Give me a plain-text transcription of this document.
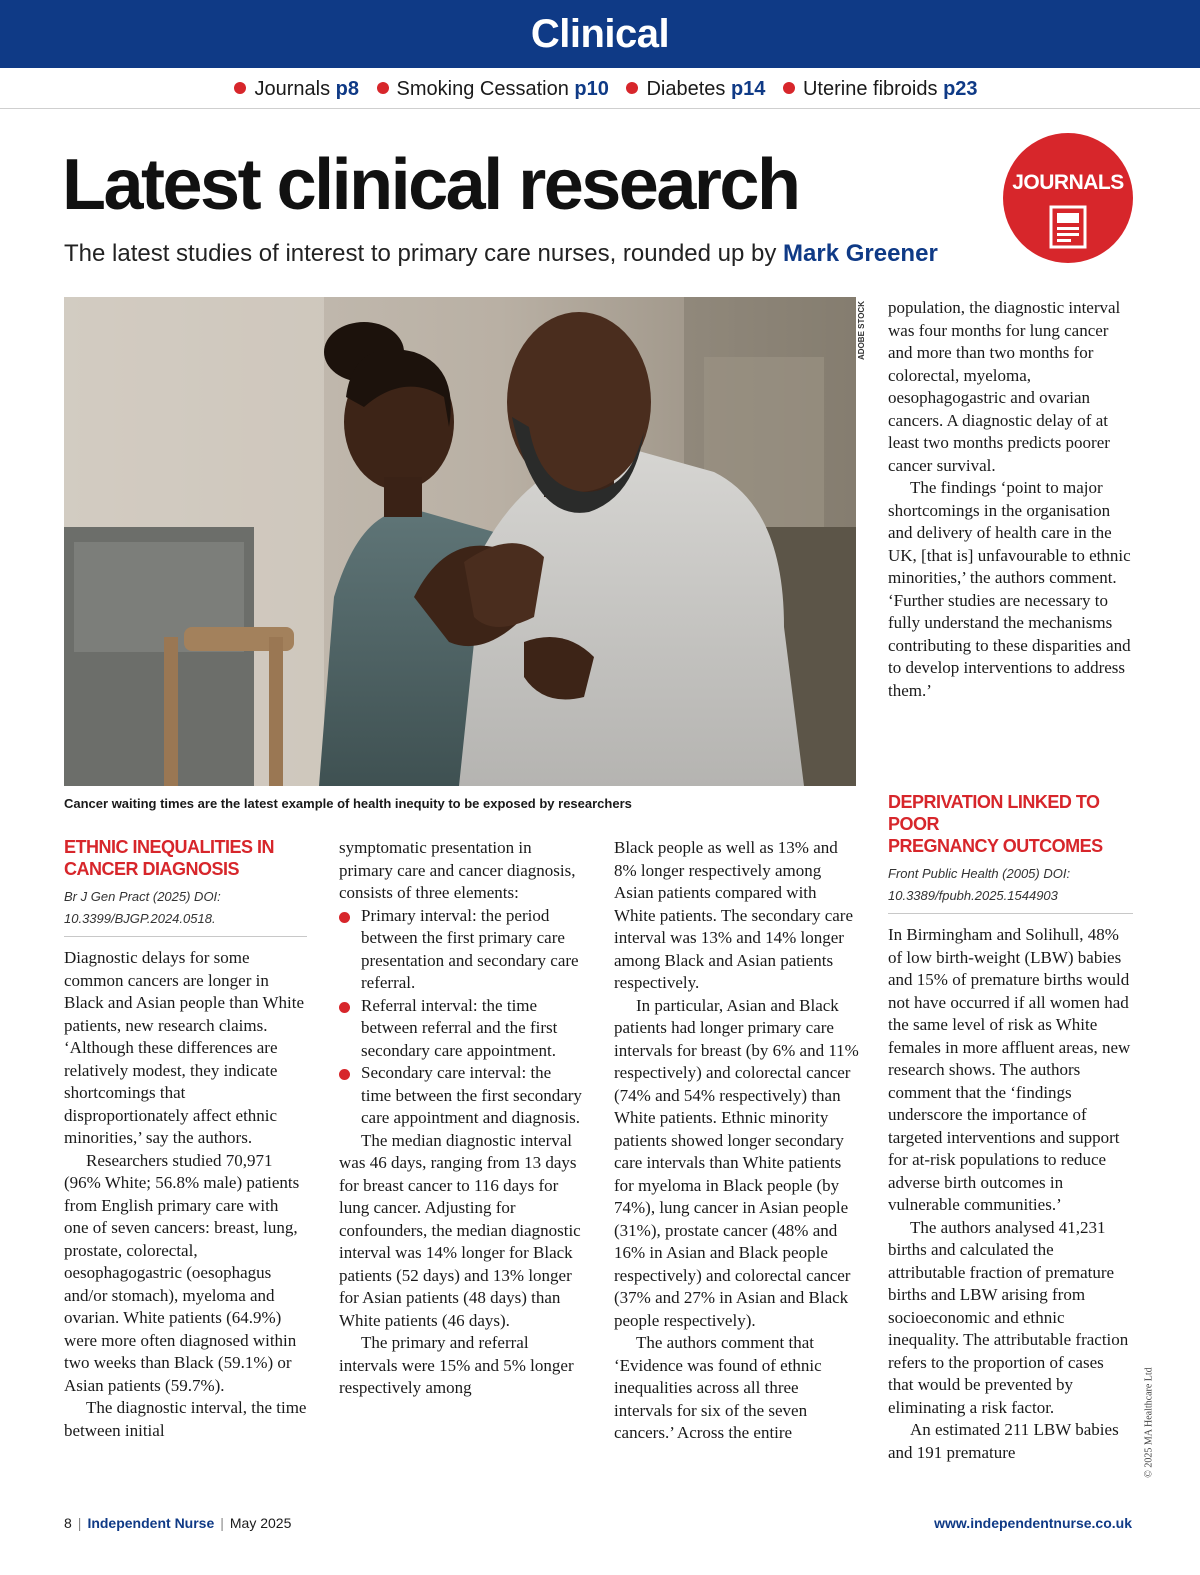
Clinical
Journals p8 Smoking Cessation p10 Diabetes p14 Uterine fibroids p23
Latest clinical research
The latest studies of interest to primary care nurses, rounded up by Mark Greener
JOURNALS
ADOBE STOCK
Cancer waiting times are the latest example of health inequity to be exposed by researchers
ETHNIC INEQUALITIES IN
CANCER DIAGNOSIS
Br J Gen Pract (2025) DOI:
10.3399/BJGP.2024.0518.

Diagnostic delays for some common cancers are longer in Black and Asian people than White patients, new research claims. ‘Although these differences are relatively modest, they indicate shortcomings that disproportionately affect ethnic minorities,’ say the authors.

Researchers studied 70,971 (96% White; 56.8% male) patients from English primary care with one of seven cancers: breast, lung, prostate, colorectal, oesophagogastric (oesophagus and/or stomach), myeloma and ovarian. White patients (64.9%) were more often diagnosed within two weeks than Black (59.1%) or Asian patients (59.7%).

The diagnostic interval, the time between initial

symptomatic presentation in primary care and cancer diagnosis, consists of three elements:

Primary interval: the period between the first primary care presentation and secondary care referral.
Referral interval: the time between referral and the first secondary care appointment.
Secondary care interval: the time between the first secondary care appointment and diagnosis.

The median diagnostic interval was 46 days, ranging from 13 days for breast cancer to 116 days for lung cancer. Adjusting for confounders, the median diagnostic interval was 14% longer for Black patients (52 days) and 13% longer for Asian patients (48 days) than White patients (46 days).

The primary and referral intervals were 15% and 5% longer respectively among

Black people as well as 13% and 8% longer respectively among Asian patients compared with White patients. The secondary care interval was 13% and 14% longer among Black and Asian patients respectively.

In particular, Asian and Black patients had longer primary care intervals for breast (by 6% and 11% respectively) and colorectal cancer (74% and 54% respectively) than White patients. Ethnic minority patients showed longer secondary care intervals than White patients for myeloma in Black people (by 74%), lung cancer in Asian people (31%), prostate cancer (48% and 16% in Asian and Black people respectively) and colorectal cancer (37% and 27% in Asian and Black people respectively).

The authors comment that ‘Evidence was found of ethnic inequalities across all three intervals for six of the seven cancers.’ Across the entire

population, the diagnostic interval was four months for lung cancer and more than two months for colorectal, myeloma, oesophagogastric and ovarian cancers. A diagnostic delay of at least two months predicts poorer cancer survival.

The findings ‘point to major shortcomings in the organisation and delivery of health care in the UK, [that is] unfavourable to ethnic minorities,’ the authors comment. ‘Further studies are necessary to fully understand the mechanisms contributing to these disparities and to develop interventions to address them.’

DEPRIVATION LINKED TO POOR
PREGNANCY OUTCOMES
Front Public Health (2005) DOI:
10.3389/fpubh.2025.1544903

In Birmingham and Solihull, 48% of low birth-weight (LBW) babies and 15% of premature births would not have occurred if all women had the same level of risk as White females in more affluent areas, new research shows. The authors comment that the ‘findings underscore the importance of targeted interventions and support for at-risk populations to reduce adverse birth outcomes in vulnerable communities.’

The authors analysed 41,231 births and calculated the attributable fraction of premature births and LBW arising from socioeconomic and ethnic inequality. The attributable fraction refers to the proportion of cases that would be prevented by eliminating a risk factor.

An estimated 211 LBW babies and 191 premature	© 2025 MA Healthcare Ltd
8 | Independent Nurse | May 2025	www.independentnurse.co.uk
